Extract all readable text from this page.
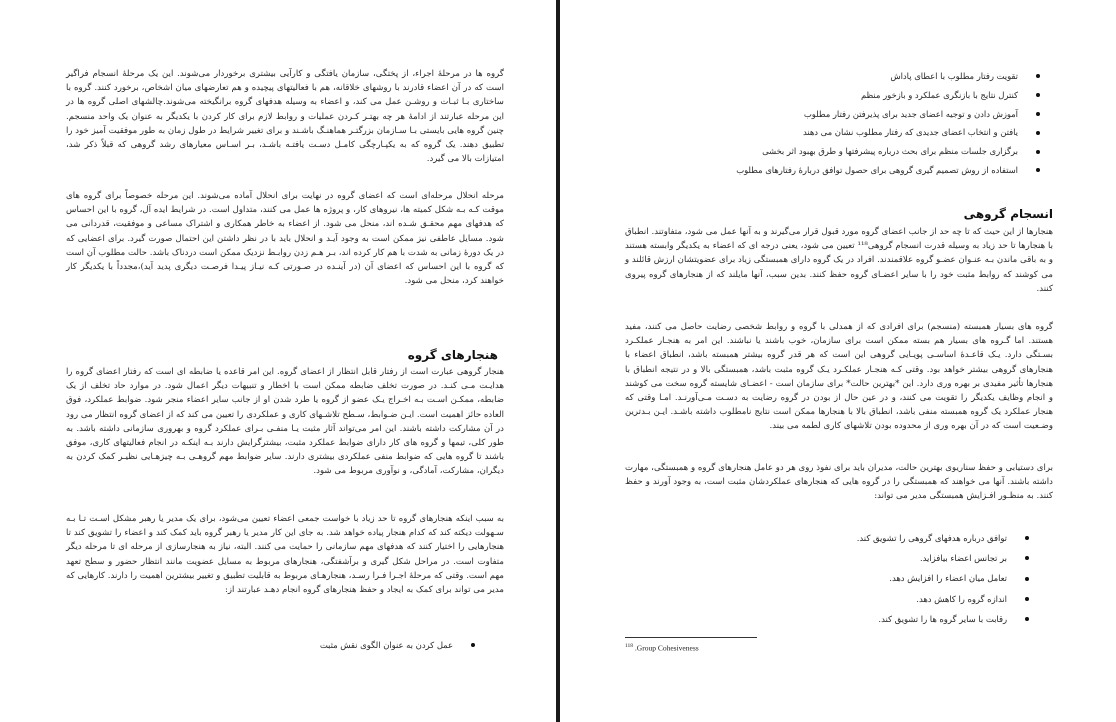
گروه ها در مرحلهٔ اجراء، از پختگی، سازمان یافتگی و کارآیی بیشتری برخوردار می‌شوند. این یک مرحلهٔ انسجام فراگیر است که در آن اعضاء قادرند با روشهای خلاقانه، هم با فعالیتهای پیچیده و هم تعارضهای میان اشخاص، برخورد کنند. گروه با ساختاری بـا ثبـات و روشـن عمل می کند، و اعضاء به وسیله هدفهای گروه برانگیخته می‌شوند.چالشهای اصلی گروه ها در این مرحله عبارتند از ادامهٔ هر چه بهتـر کـردن عملیات و روابط لازم برای کار کردن با یکدیگر به عنوان یک واحد منسجم. چنین گروه هایی بایستی بـا سـازمان بزرگتـر هماهنـگ باشـند و برای تغییر شرایط در طول زمان به طور موفقیت آمیز خود را تطبیق دهند. یک گروه که به یکپـارچگی کامـل دسـت یافتـه باشـد، بـر اسـاس معیارهای رشد گروهی که قبلاً ذکر شد، امتیازات بالا می گیرد.

مرحله انحلال مرحله‌ای است که اعضای گروه در نهایت برای انحلال آماده می‌شوند. این مرحله خصوصاً برای گروه های موقت کـه بـه شکل کمیته ها، نیروهای کار، و پروژه ها عمل می کنند، متداول است. در شرایط ایده آل، گروه با این احساس که هدفهای مهم محقـق شـده اند، منحل می شود. از اعضاء به خاطر همکاری و اشتراک مساعی و موفقیت، قدردانی می شود. مسایل عاطفی نیز ممکن است به وجود آیـد و انحلال باید با در نظر داشتن این احتمال صورت گیرد. برای اعضایی که در یک دورهٔ زمانی به شدت با هم کار کرده اند، بـر هـم زدن روابـط نزدیک ممکن است دردناک باشد. حالت مطلوب آن است که گروه با این احساس که اعضای آن (در آینـده در صـورتی کـه نیـاز پیـدا فرصـت دیگری پدید آید)،مجدداً با یکدیگر کار خواهند کرد، منحل می شود.

هنجارهای گروه

هنجار گروهی عبارت است از رفتار قابل انتظار از اعضای گروه. این امر قاعده یا ضابطه ای است که رفتار اعضای گروه را هدایـت مـی کنـد. در صورت تخلف ضابطه ممکن است با اخطار و تنبیهات دیگر اعمال شود. در موارد حاد تخلف از یک ضابطه، ممکـن اسـت بـه اخـراج یـک عضو از گروه یا طرد شدن او از جانب سایر اعضاء منجر شود. ضوابط عملکرد، فوق العاده حائز اهمیت است. ایـن ضـوابط، سـطح تلاشـهای کاری و عملکردی را تعیین می کند که از اعضای گروه انتظار می رود در آن مشارکت داشته باشند. این امر می‌تواند آثار مثبت یـا منفـی بـرای عملکرد گروه و بهروری سازمانی داشته باشد. به طور کلی، تیمها و گروه های کار دارای ضوابط عملکرد مثبت، بیشترگرایش دارند بـه اینکـه در انجام فعالیتهای کاری، موفق باشند تا گروه هایی که ضوابط منفی عملکردی بیشتری دارند. سایر ضوابط مهم گروهـی بـه چیزهـایی نظیـر کمک کردن به دیگران، مشارکت، آمادگی، و نوآوری مربوط می شود.

به سبب اینکه هنجارهای گروه تا حد زیاد با خواست جمعی اعضاء تعیین می‌شود، برای یک مدیر یا رهبر مشکل اسـت تـا بـه سـهولت دیکته کند که کدام هنجار پیاده خواهد شد. به جای این کار مدیر یا رهبر گروه باید کمک کند و اعضاء را تشویق کند تا هنجارهایی را اختیار کنند که هدفهای مهم سازمانی را حمایت می کنند. البته، نیاز به هنجارسازی از مرحله ای تا مرحله دیگر متفاوت است. در مراحل شکل گیری و برآشفتگی، هنجارهای مربوط به مسایل عضویت مانند انتظار حضور و سطح تعهد مهم است. وقتی که مرحلهٔ اجـرا فـرا رسـد، هنجارهـای مربوط به قابلیت تطبیق و تغییر بیشترین اهمیت را دارند. کارهایی که مدیر می تواند برای کمک به ایجاد و حفظ هنجارهای گروه انجام دهـد عبارتند از:

عمل کردن به عنوان الگوی نقش مثبت
تقویت رفتار مطلوب با اعطای پاداش
کنترل نتایج با بازنگری عملکرد و بازخور منظم
آموزش دادن و توجیه اعضای جدید برای پذیرفتن رفتار مطلوب
یافتن و انتخاب اعضای جدیدی که رفتار مطلوب نشان می دهند
برگزاری جلسات منظم برای بحث درباره پیشرفتها و طرق بهبود اثر بخشی
استفاده از روش تصمیم گیری گروهی برای حصول توافق دربارهٔ رفتارهای مطلوب
انسجام گروهی

هنجارها از این حیث که تا چه حد از جانب اعضای گروه مورد قبول قرار می‌گیرند و به آنها عمل می شود، متفاوتند. انطباق با هنجارها تا حد زیاد به وسیله قدرت انسجام گروهی¹¹⁸ تعیین می شود، یعنی درجه ای که اعضاء به یکدیگر وابسته هستند و به باقی ماندن بـه عنـوان عضـو گروه علاقمندند. افراد در یک گروه دارای همبستگی زیاد برای عضویتشان ارزش قائلند و می کوشند که روابط مثبت خود را با سایر اعضـای گروه حفظ کنند. بدین سبب، آنها مایلند که از هنجارهای گروه پیروی کنند.

گروه های بسیار همبسته (منسجم) برای افرادی که از همدلی با گروه و روابط شخصی رضایت حاصل می کنند، مفید هستند. اما گـروه های بسیار هم بسته ممکن است برای سازمان، خوب باشند یا نباشند. این امر به هنجـار عملکـرد بسـتگی دارد. یـک قاعـدهٔ اساسـی پویـایی گروهی این است که هر قدر گروه بیشتر همبسته باشد، انطباق اعضاء با هنجارهای گروهی بیشتر خواهد بود. وقتی کـه هنجـار عملکـرد یـک گروه مثبت باشد، همبستگی بالا و در نتیجه انطباق با هنجارها تأثیر مفیدی بر بهره وری دارد. این *بهترین حالت* برای سازمان است - اعضـای شایسته گروه سخت می کوشند و انجام وظایف یکدیگر را تقویت می کنند، و در عین حال از بودن در گروه رضایت به دسـت مـی‌آورنـد. امـا وقتی که هنجار عملکرد یک گروه همبسته منفی باشد، انطباق بالا با هنجارها ممکن است نتایج نامطلوب داشته باشـد. ایـن بـدترین وضـعیت است که در آن بهره وری از محدوده بودن تلاشهای کاری لطمه می بیند.

برای دستیابی و حفظ سناریوی بهترین حالت، مدیران باید برای نفوذ روی هر دو عامل هنجارهای گروه و همبستگی، مهارت داشته باشند. آنها می خواهند که همبستگی را در گروه هایی که هنجارهای عملکردشان مثبت است، به وجود آورند و حفظ کنند. به منظـور افـزایش همبستگی مدیر می تواند:

توافق درباره هدفهای گروهی را تشویق کند.
بر تجانس اعضاء بیافزاید.
تعامل میان اعضاء را افزایش دهد.
اندازه گروه را کاهش دهد.
رقابت با سایر گروه ها را تشویق کند.
$^{118}$ .Group Cohesiveness
